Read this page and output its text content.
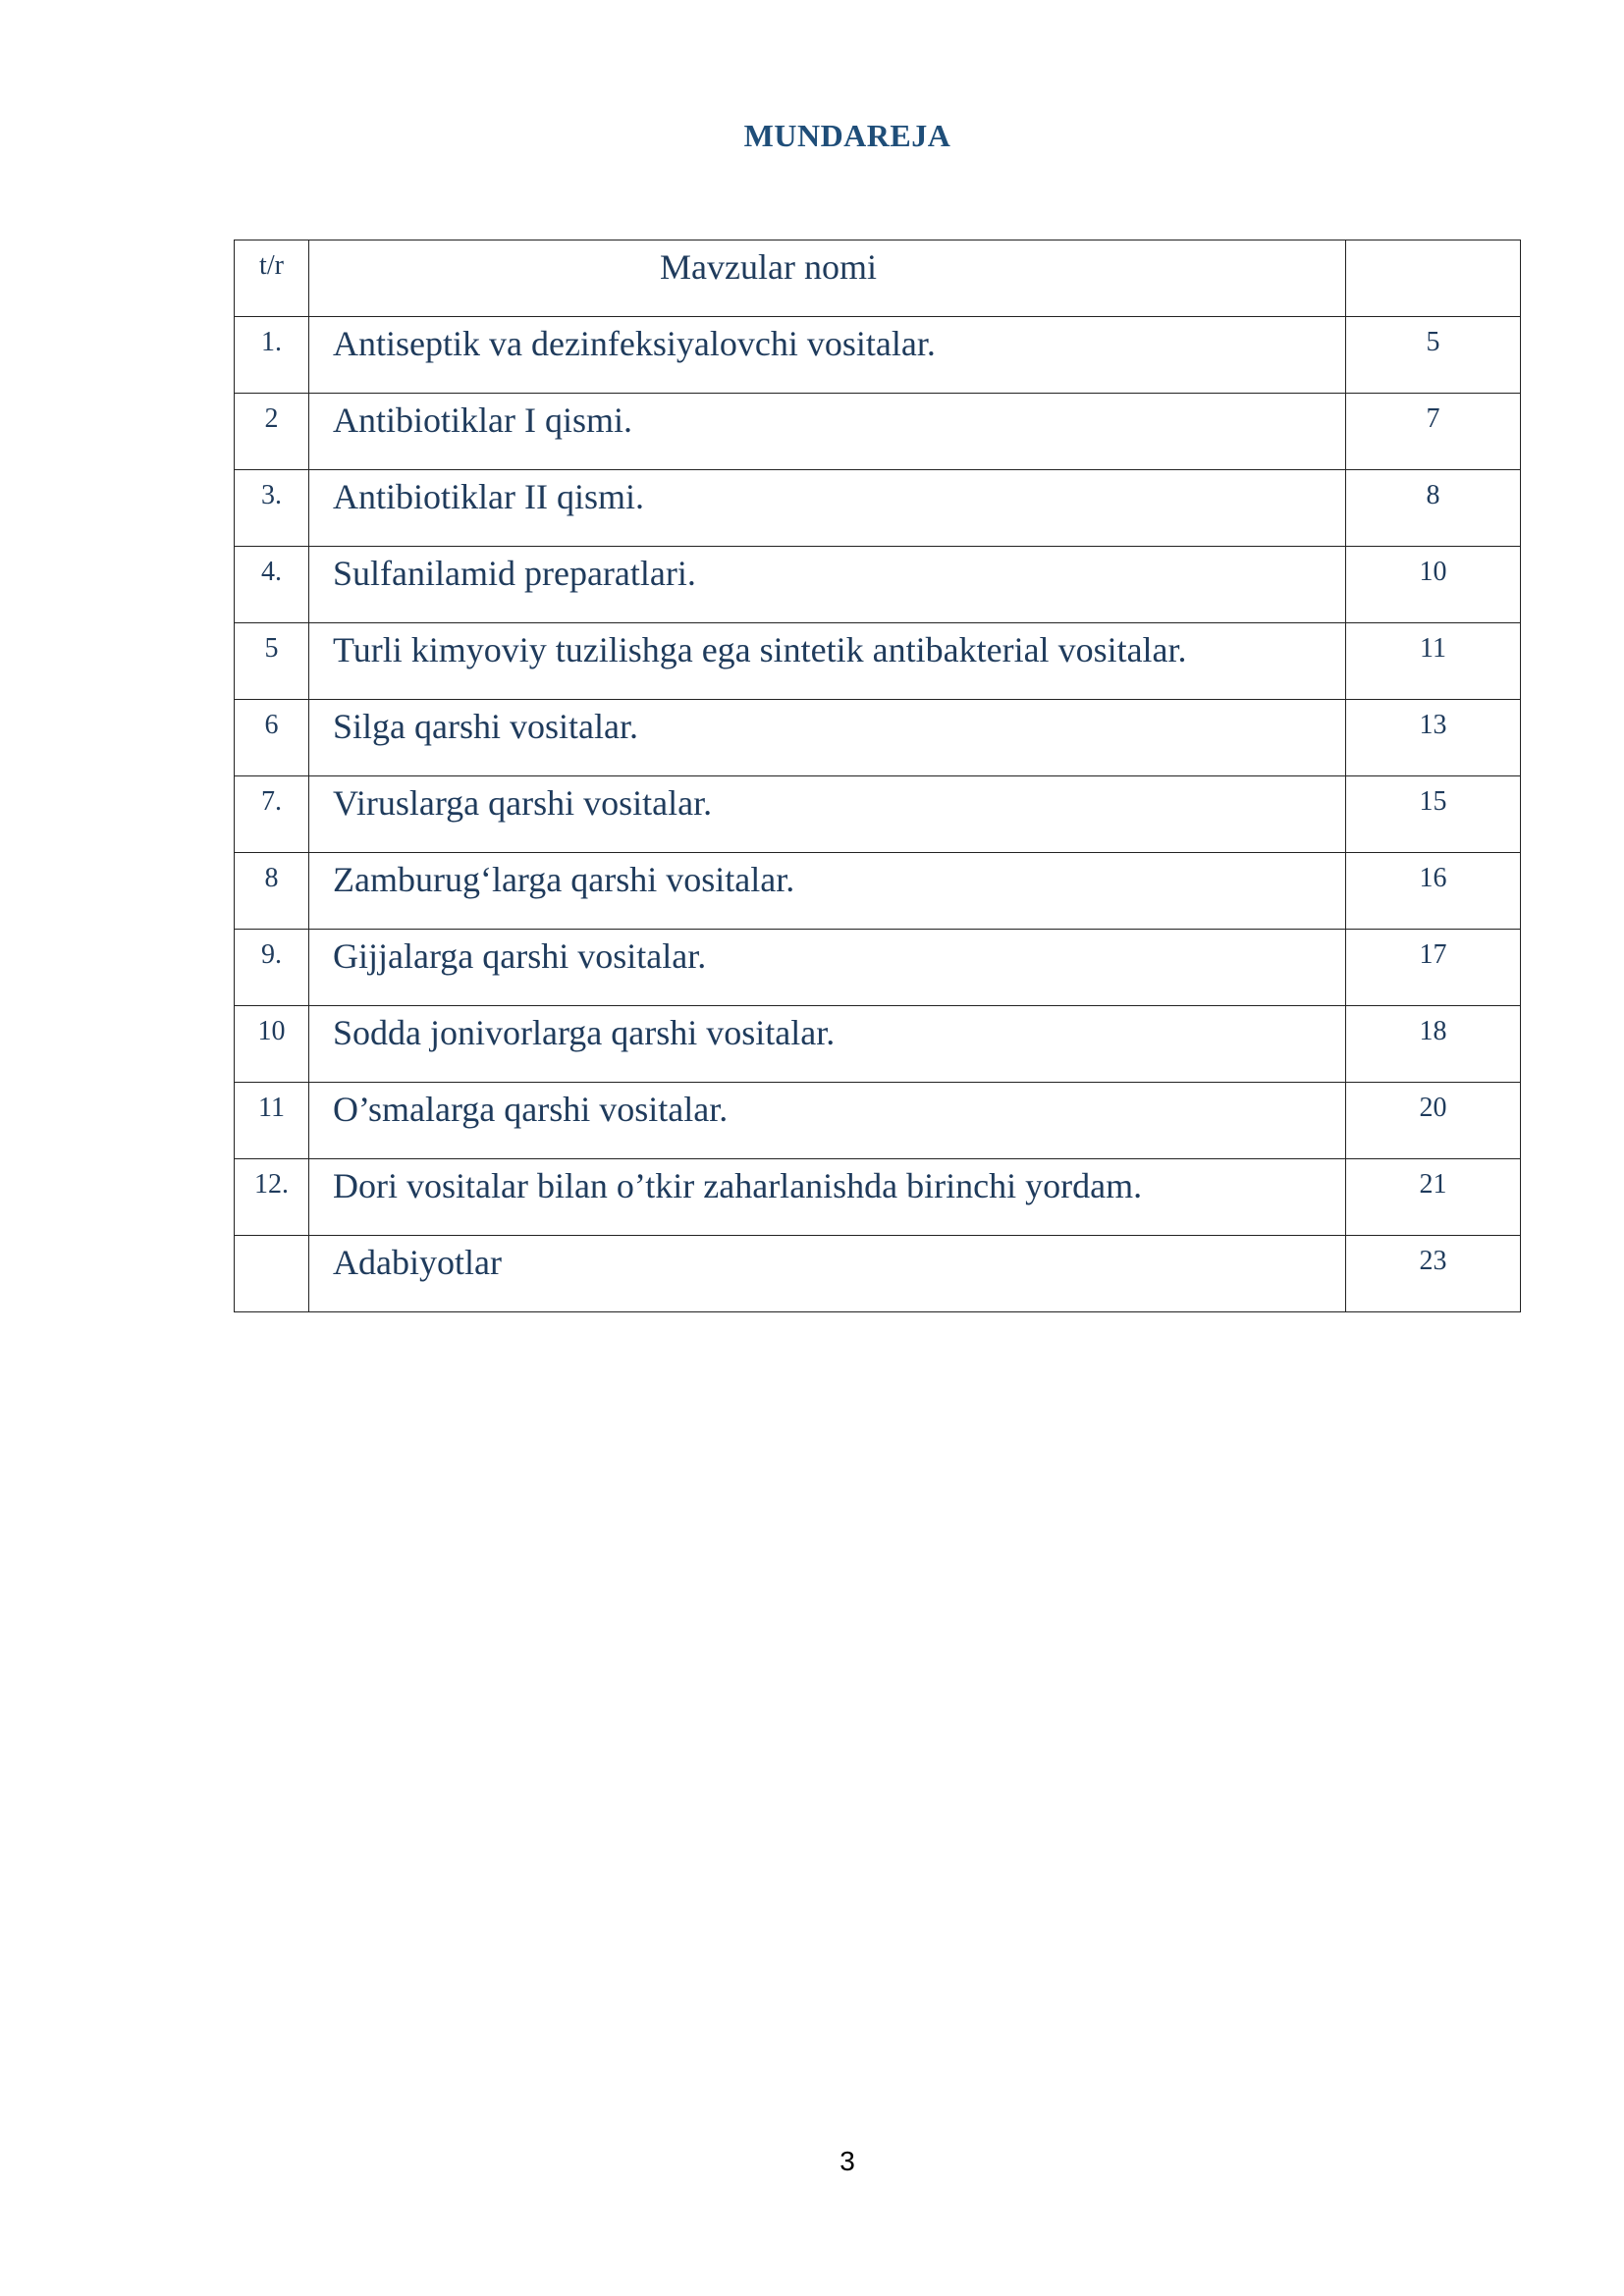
MUNDAREJA
t/r	Mavzular nomi	
1.	Antiseptik va dezinfeksiyalovchi vositalar.	5
2	Antibiotiklar I qismi.	7
3.	Antibiotiklar II qismi.	8
4.	Sulfanilamid preparatlari.	10
5	Turli kimyoviy tuzilishga ega sintetik antibakterial vositalar.	11
6	Silga qarshi vositalar.	13
7.	Viruslarga qarshi vositalar.	15
8	Zamburug‘larga qarshi vositalar.	16
9.	Gijjalarga qarshi vositalar.	17
10	Sodda jonivorlarga qarshi vositalar.	18
11	O’smalarga qarshi vositalar.	20
12.	Dori vositalar bilan o’tkir zaharlanishda birinchi yordam.	21
	Adabiyotlar	23
3
